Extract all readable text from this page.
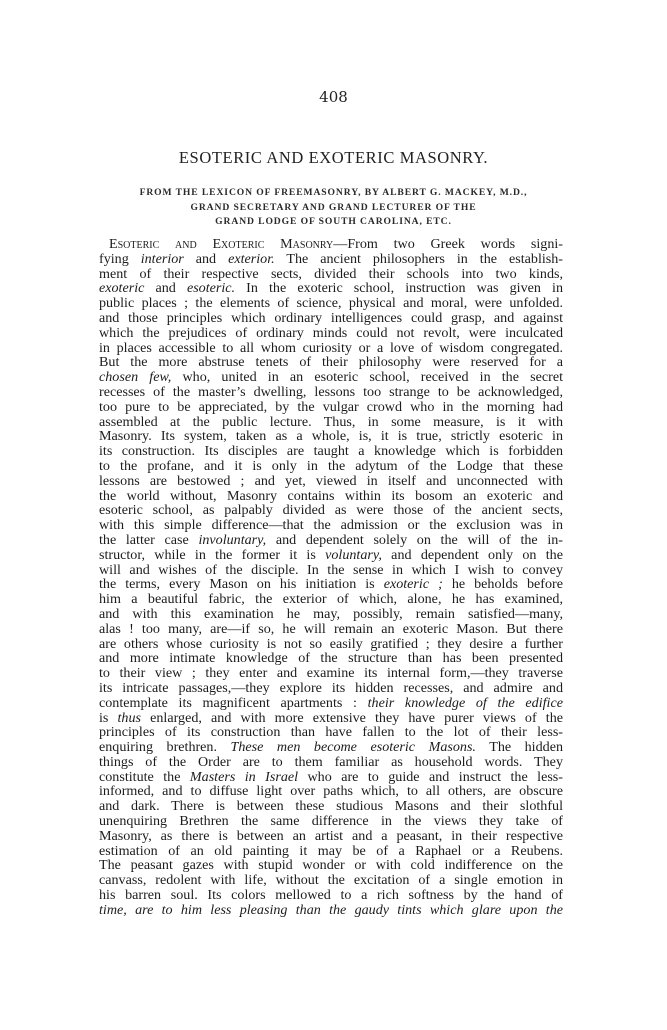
408
ESOTERIC AND EXOTERIC MASONRY.
FROM THE LEXICON OF FREEMASONRY, BY ALBERT G. MACKEY, M.D.,
GRAND SECRETARY AND GRAND LECTURER OF THE
GRAND LODGE OF SOUTH CAROLINA, ETC.
Esoteric and Exoteric Masonry—From two Greek words signi-
fying interior and exterior. The ancient philosophers in the establish-
ment of their respective sects, divided their schools into two kinds,
exoteric and esoteric. In the exoteric school, instruction was given in
public places ; the elements of science, physical and moral, were unfolded.
and those principles which ordinary intelligences could grasp, and against
which the prejudices of ordinary minds could not revolt, were inculcated
in places accessible to all whom curiosity or a love of wisdom congregated.
But the more abstruse tenets of their philosophy were reserved for a
chosen few, who, united in an esoteric school, received in the secret
recesses of the master’s dwelling, lessons too strange to be acknowledged,
too pure to be appreciated, by the vulgar crowd who in the morning had
assembled at the public lecture. Thus, in some measure, is it with
Masonry. Its system, taken as a whole, is, it is true, strictly esoteric in
its construction. Its disciples are taught a knowledge which is forbidden
to the profane, and it is only in the adytum of the Lodge that these
lessons are bestowed ; and yet, viewed in itself and unconnected with
the world without, Masonry contains within its bosom an exoteric and
esoteric school, as palpably divided as were those of the ancient sects,
with this simple difference—that the admission or the exclusion was in
the latter case involuntary, and dependent solely on the will of the in-
structor, while in the former it is voluntary, and dependent only on the
will and wishes of the disciple. In the sense in which I wish to convey
the terms, every Mason on his initiation is exoteric ; he beholds before
him a beautiful fabric, the exterior of which, alone, he has examined,
and with this examination he may, possibly, remain satisfied—many,
alas ! too many, are—if so, he will remain an exoteric Mason. But there
are others whose curiosity is not so easily gratified ; they desire a further
and more intimate knowledge of the structure than has been presented
to their view ; they enter and examine its internal form,—they traverse
its intricate passages,—they explore its hidden recesses, and admire and
contemplate its magnificent apartments : their knowledge of the edifice
is thus enlarged, and with more extensive they have purer views of the
principles of its construction than have fallen to the lot of their less-
enquiring brethren. These men become esoteric Masons. The hidden
things of the Order are to them familiar as household words. They
constitute the Masters in Israel who are to guide and instruct the less-
informed, and to diffuse light over paths which, to all others, are obscure
and dark. There is between these studious Masons and their slothful
unenquiring Brethren the same difference in the views they take of
Masonry, as there is between an artist and a peasant, in their respective
estimation of an old painting it may be of a Raphael or a Reubens.
The peasant gazes with stupid wonder or with cold indifference on the
canvass, redolent with life, without the excitation of a single emotion in
his barren soul. Its colors mellowed to a rich softness by the hand of
time, are to him less pleasing than the gaudy tints which glare upon the
